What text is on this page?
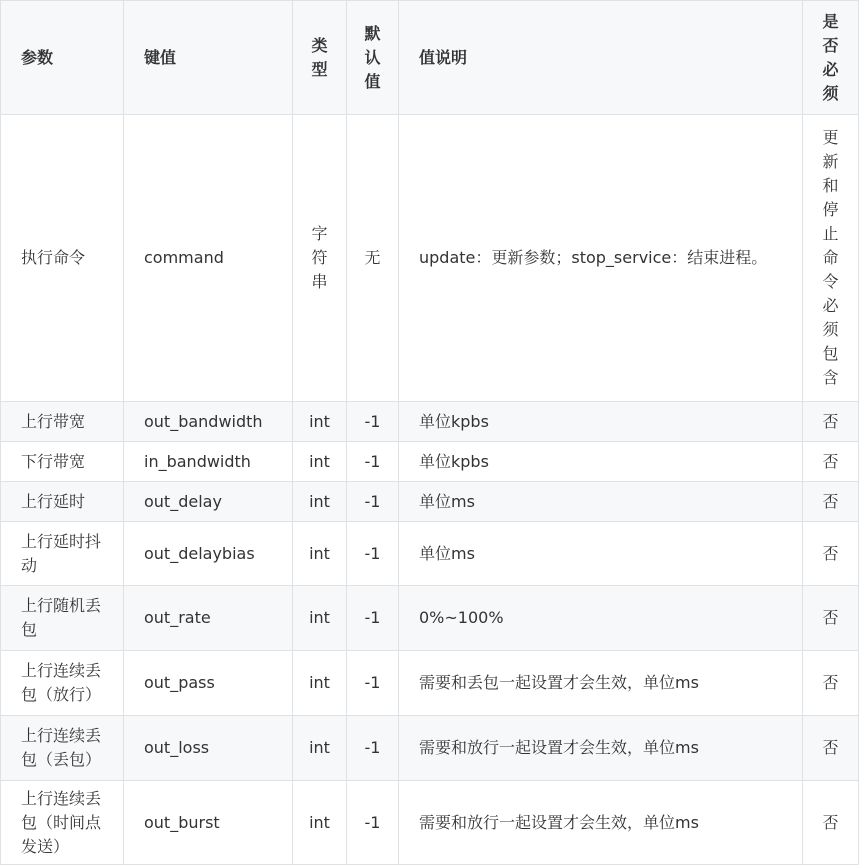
参数	键值	类型	默认值	值说明	是否必须
执行命令	command	字符串	无	update：更新参数；stop_service：结束进程。	更新和停止命令必须包含
上行带宽	out_bandwidth	int	-1	单位kpbs	否
下行带宽	in_bandwidth	int	-1	单位kpbs	否
上行延时	out_delay	int	-1	单位ms	否
上行延时抖动	out_delaybias	int	-1	单位ms	否
上行随机丢包	out_rate	int	-1	0%~100%	否
上行连续丢包（放行）	out_pass	int	-1	需要和丢包一起设置才会生效，单位ms	否
上行连续丢包（丢包）	out_loss	int	-1	需要和放行一起设置才会生效，单位ms	否
上行连续丢包（时间点发送）	out_burst	int	-1	需要和放行一起设置才会生效，单位ms	否
